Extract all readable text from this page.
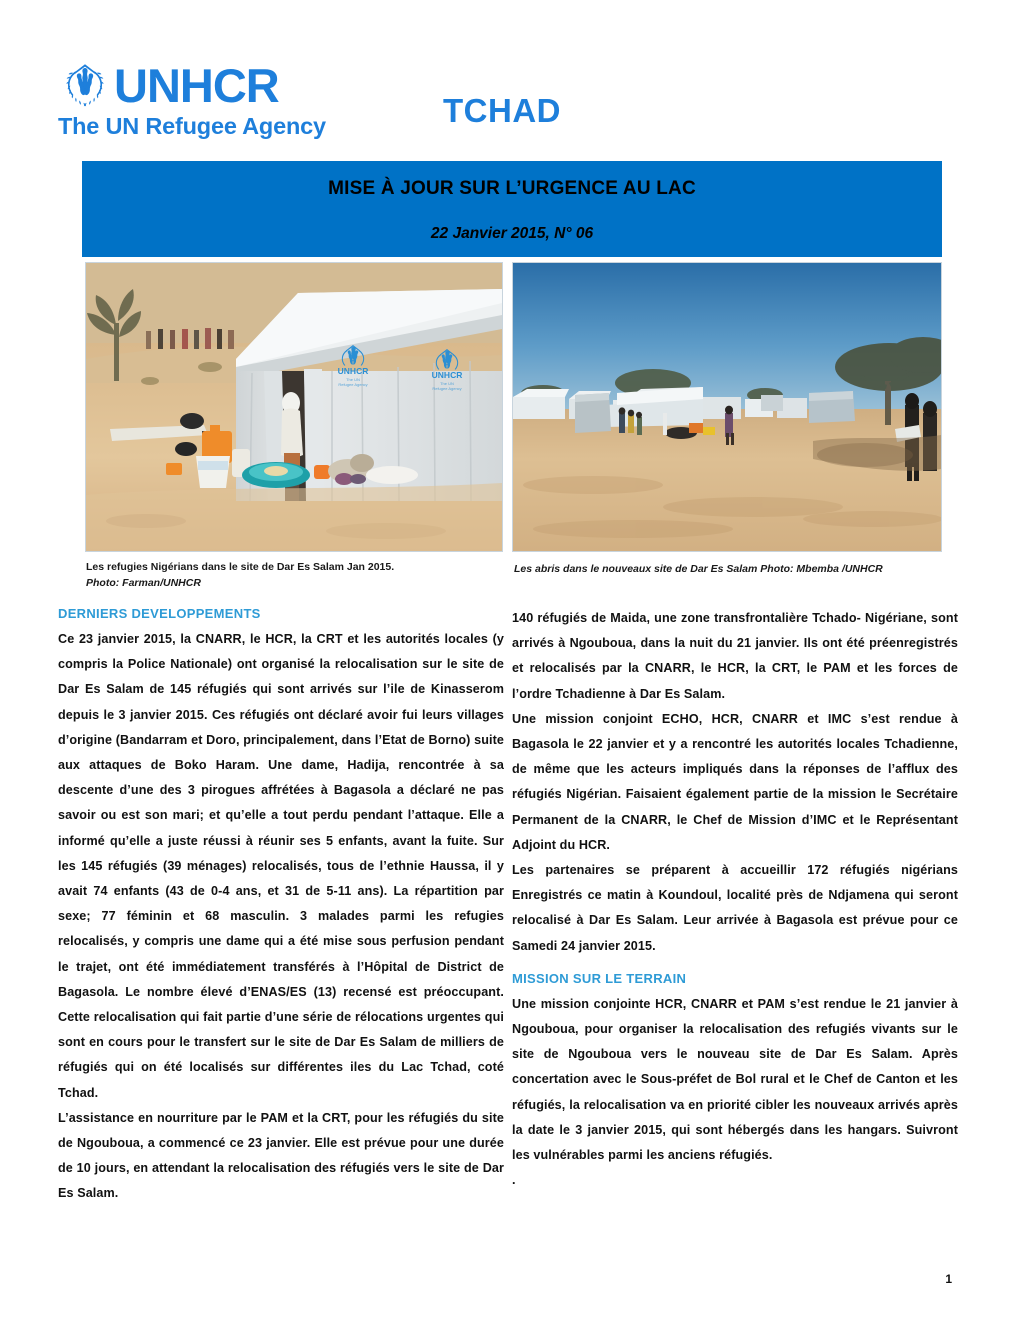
UNHCR
The UN Refugee Agency	TCHAD
MISE À JOUR SUR L’URGENCE AU LAC
22 Janvier 2015, N° 06
UNHCR
The UN
Refugee Agency
UNHCR
The UN
Refugee Agency
Les refugies Nigérians dans le site de Dar Es Salam Jan 2015.
Photo: Farman/UNHCR
Les abris dans le nouveaux site de Dar Es Salam Photo: Mbemba /UNHCR
DERNIERS DEVELOPPEMENTS

Ce 23 janvier 2015, la CNARR, le HCR, la CRT et les autorités locales (y compris la Police Nationale) ont organisé la relocalisation sur le site de Dar Es Salam de 145 réfugiés qui sont arrivés sur l’ile de Kinasserom depuis le 3 janvier 2015. Ces réfugiés ont déclaré avoir fui leurs villages d’origine (Bandarram et Doro, principalement, dans l’Etat de Borno) suite aux attaques de Boko Haram. Une dame, Hadija, rencontrée à sa descente d’une des 3 pirogues affrétées à Bagasola a déclaré ne pas savoir ou est son mari; et qu’elle a tout perdu pendant l’attaque. Elle a informé qu’elle a juste réussi à réunir ses 5 enfants, avant la fuite. Sur les 145 réfugiés (39 ménages) relocalisés, tous de l’ethnie Haussa, il y avait 74 enfants (43 de 0-4 ans, et 31 de 5-11 ans). La répartition par sexe; 77 féminin et 68 masculin. 3 malades parmi les refugies relocalisés, y compris une dame qui a été mise sous perfusion pendant le trajet, ont été immédiatement transférés à l’Hôpital de District de Bagasola. Le nombre élevé d’ENAS/ES (13) recensé est préoccupant. Cette relocalisation qui fait partie d’une série de rélocations urgentes qui sont en cours pour le transfert sur le site de Dar Es Salam de milliers de réfugiés qui on été localisés sur différentes iles du Lac Tchad, coté Tchad.

L’assistance en nourriture par le PAM et la CRT, pour les réfugiés du site de Ngouboua, a commencé ce 23 janvier. Elle est prévue pour une durée de 10 jours, en attendant la relocalisation des réfugiés vers le site de Dar Es Salam.

140 réfugiés de Maida, une zone transfrontalière Tchado- Nigériane, sont arrivés à Ngouboua, dans la nuit du 21 janvier. Ils ont été préenregistrés et relocalisés par la CNARR, le HCR, la CRT, le PAM et les forces de l’ordre Tchadienne à Dar Es Salam.

Une mission conjoint ECHO, HCR, CNARR et IMC s’est rendue à Bagasola le 22 janvier et y a rencontré les autorités locales Tchadienne, de même que les acteurs impliqués dans la réponses de l’afflux des réfugiés Nigérian. Faisaient également partie de la mission le Secrétaire Permanent de la CNARR, le Chef de Mission d’IMC et le Représentant Adjoint du HCR.

Les partenaires se préparent à accueillir 172 réfugiés nigérians Enregistrés ce matin à Koundoul, localité près de Ndjamena qui seront relocalisé à Dar Es Salam. Leur arrivée à Bagasola est prévue pour ce Samedi 24 janvier 2015.

MISSION SUR LE TERRAIN

Une mission conjointe HCR, CNARR et PAM s’est rendue le 21 janvier à Ngouboua, pour organiser la relocalisation des refugiés vivants sur le site de Ngouboua vers le nouveau site de Dar Es Salam. Après concertation avec le Sous-préfet de Bol rural et le Chef de Canton et les réfugiés, la relocalisation va en priorité cibler les nouveaux arrivés après la date le 3 janvier 2015, qui sont hébergés dans les hangars. Suivront les vulnérables parmi les anciens réfugiés.

.

1
